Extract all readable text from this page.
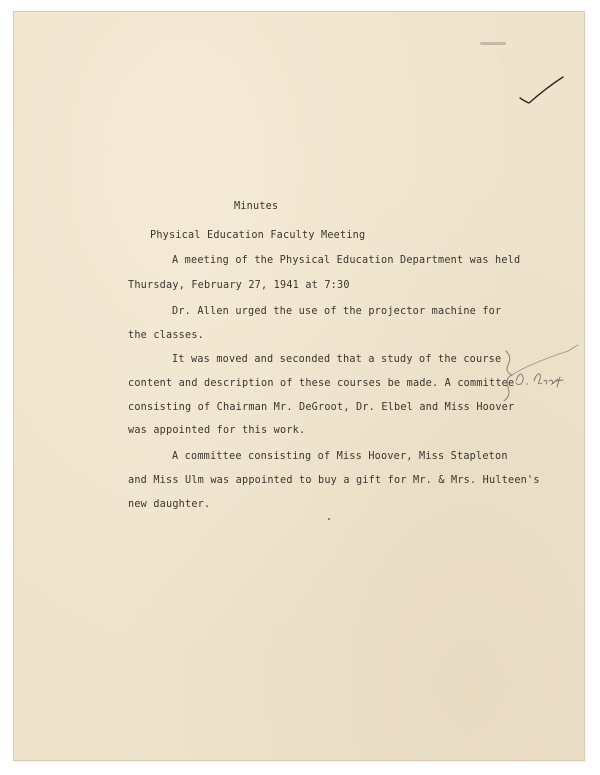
Minutes
Physical Education Faculty Meeting
A meeting of the Physical Education Department was held
Thursday, February 27, 1941 at 7:30
Dr. Allen urged the use of the projector machine for
the classes.
It was moved and seconded that a study of the course
content and description of these courses be made. A committee
consisting of Chairman Mr. DeGroot, Dr. Elbel and Miss Hoover
was appointed for this work.
A committee consisting of Miss Hoover, Miss Stapleton
and Miss Ulm was appointed to buy a gift for Mr. & Mrs. Hulteen's
new daughter.
